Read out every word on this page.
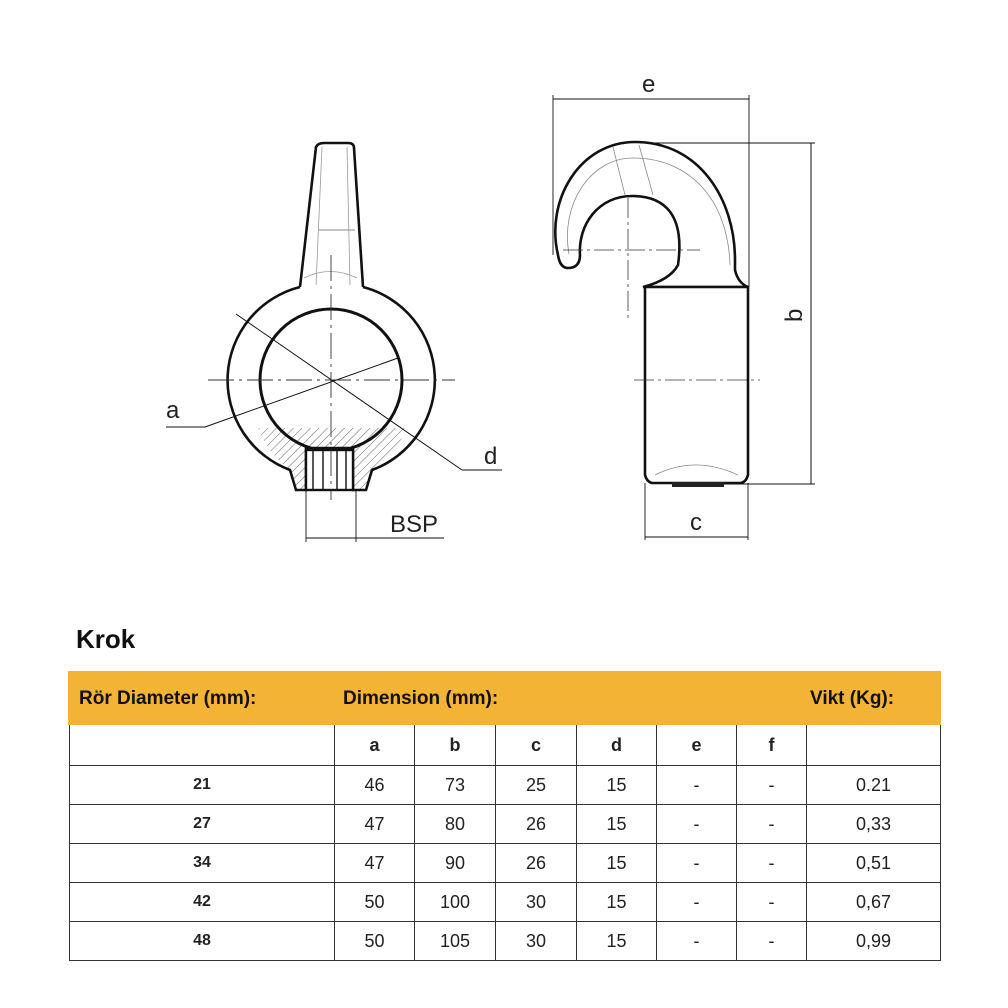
a
d
BSP
e
b
c
Krok
Rör Diameter (mm):	Dimension (mm):	Vikt (Kg):
	a	b	c	d	e	f	
21	46	73	25	15	-	-	0.21
27	47	80	26	15	-	-	0,33
34	47	90	26	15	-	-	0,51
42	50	100	30	15	-	-	0,67
48	50	105	30	15	-	-	0,99
